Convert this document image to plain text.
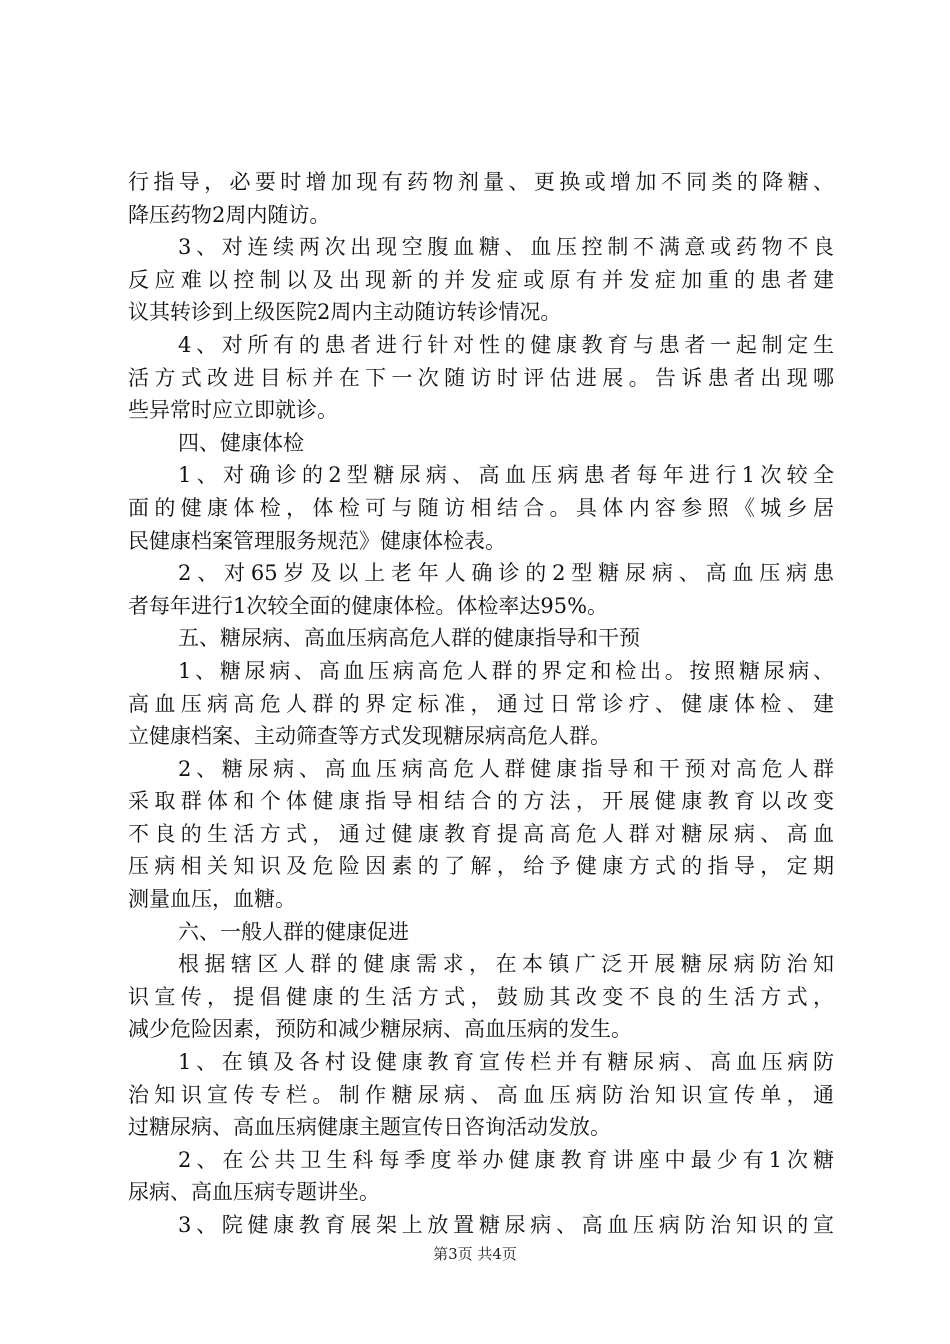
行指导，必要时增加现有药物剂量、更换或增加不同类的降糖、
降压药物2周内随访。
3、对连续两次出现空腹血糖、血压控制不满意或药物不良
反应难以控制以及出现新的并发症或原有并发症加重的患者建
议其转诊到上级医院2周内主动随访转诊情况。
4、对所有的患者进行针对性的健康教育与患者一起制定生
活方式改进目标并在下一次随访时评估进展。告诉患者出现哪
些异常时应立即就诊。
四、健康体检
1、对确诊的2型糖尿病、高血压病患者每年进行1次较全
面的健康体检，体检可与随访相结合。具体内容参照《城乡居
民健康档案管理服务规范》健康体检表。
2、对65岁及以上老年人确诊的2型糖尿病、高血压病患
者每年进行1次较全面的健康体检。体检率达95%。
五、糖尿病、高血压病高危人群的健康指导和干预
1、糖尿病、高血压病高危人群的界定和检出。按照糖尿病、
高血压病高危人群的界定标准，通过日常诊疗、健康体检、建
立健康档案、主动筛查等方式发现糖尿病高危人群。
2、糖尿病、高血压病高危人群健康指导和干预对高危人群
采取群体和个体健康指导相结合的方法，开展健康教育以改变
不良的生活方式，通过健康教育提高高危人群对糖尿病、高血
压病相关知识及危险因素的了解，给予健康方式的指导，定期
测量血压，血糖。
六、一般人群的健康促进
根据辖区人群的健康需求，在本镇广泛开展糖尿病防治知
识宣传，提倡健康的生活方式，鼓励其改变不良的生活方式，
减少危险因素，预防和减少糖尿病、高血压病的发生。
1、在镇及各村设健康教育宣传栏并有糖尿病、高血压病防
治知识宣传专栏。制作糖尿病、高血压病防治知识宣传单，通
过糖尿病、高血压病健康主题宣传日咨询活动发放。
2、在公共卫生科每季度举办健康教育讲座中最少有1次糖
尿病、高血压病专题讲坐。
3、院健康教育展架上放置糖尿病、高血压病防治知识的宣
第3页 共4页
